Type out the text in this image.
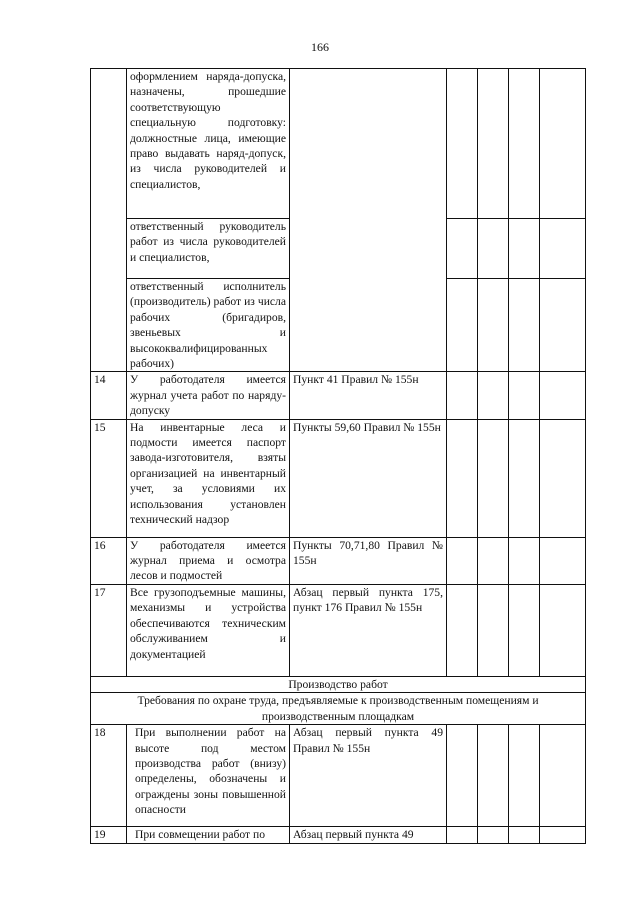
166
	оформлением наряда-допуска, назначены, прошедшие соответствующую специальную подготовку: должностные лица, имеющие право выдавать наряд-допуск, из числа руководителей и специалистов,					
	ответственный руководитель работ из числа руководителей и специалистов,					
	ответственный исполнитель (производитель) работ из числа рабочих (бригадиров, звеньевых и высококвалифицированных рабочих)					
14	У работодателя имеется журнал учета работ по наряду-допуску	Пункт 41 Правил № 155н				
15	На инвентарные леса и подмости имеется паспорт завода-изготовителя, взяты организацией на инвентарный учет, за условиями их использования установлен технический надзор	Пункты 59,60 Правил № 155н				
16	У работодателя имеется журнал приема и осмотра лесов и подмостей	Пункты 70,71,80 Правил № 155н				
17	Все грузоподъемные машины, механизмы и устройства обеспечиваются техническим обслуживанием и документацией	Абзац первый пункта 175, пункт 176 Правил № 155н				
Производство работ						
Требования по охране труда, предъявляемые к производственным помещениям и производственным площадкам						
18	При выполнении работ на высоте под местом производства работ (внизу) определены, обозначены и ограждены зоны повышенной опасности	Абзац первый пункта 49 Правил № 155н				
19	При совмещении работ по	Абзац первый пункта 49				
